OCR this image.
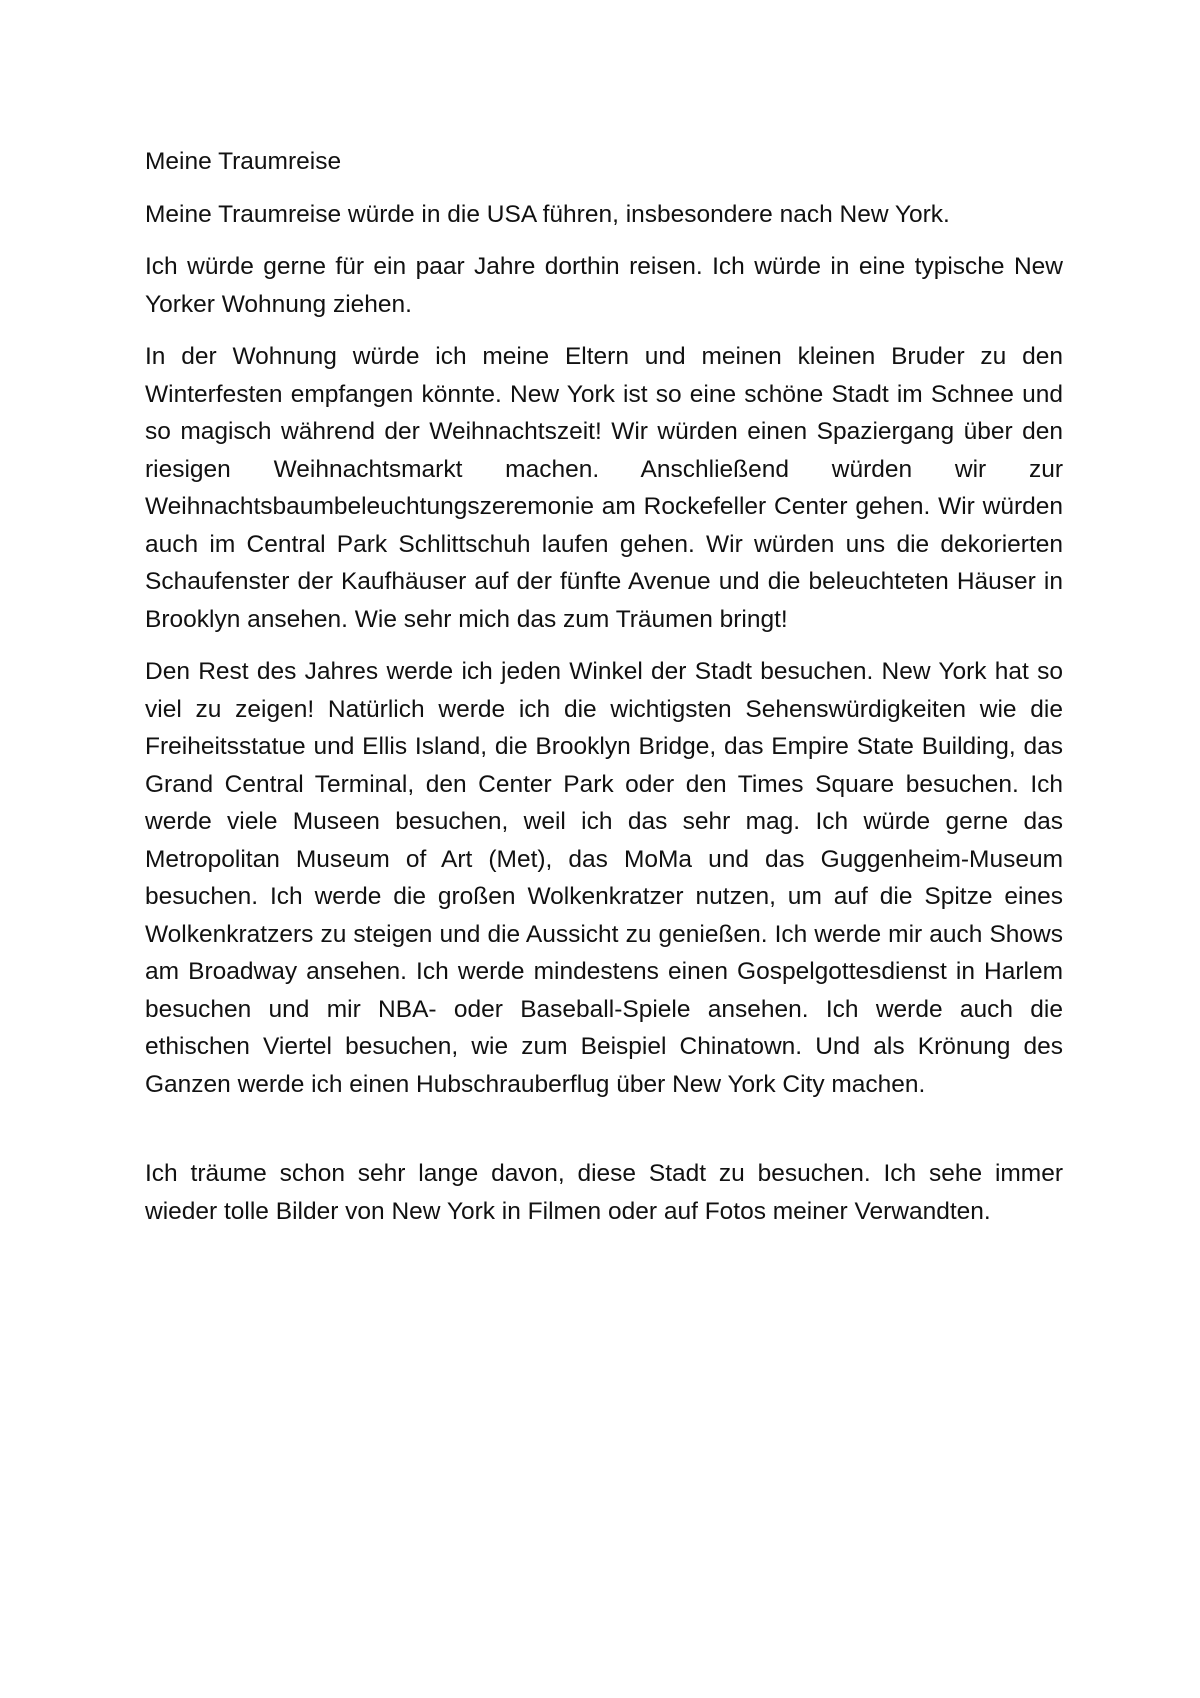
Meine Traumreise

Meine Traumreise würde in die USA führen, insbesondere nach New York.

Ich würde gerne für ein paar Jahre dorthin reisen. Ich würde in eine typische New Yorker Wohnung ziehen.

In der Wohnung würde ich meine Eltern und meinen kleinen Bruder zu den Winterfesten empfangen könnte. New York ist so eine schöne Stadt im Schnee und so magisch während der Weihnachtszeit! Wir würden einen Spaziergang über den riesigen Weihnachtsmarkt machen. Anschließend würden wir zur Weihnachtsbaumbeleuchtungszeremonie am Rockefeller Center gehen. Wir würden auch im Central Park Schlittschuh laufen gehen. Wir würden uns die dekorierten Schaufenster der Kaufhäuser auf der fünfte Avenue und die beleuchteten Häuser in Brooklyn ansehen. Wie sehr mich das zum Träumen bringt!

Den Rest des Jahres werde ich jeden Winkel der Stadt besuchen. New York hat so viel zu zeigen! Natürlich werde ich die wichtigsten Sehenswürdigkeiten wie die Freiheitsstatue und Ellis Island, die Brooklyn Bridge, das Empire State Building, das Grand Central Terminal, den Center Park oder den Times Square besuchen. Ich werde viele Museen besuchen, weil ich das sehr mag. Ich würde gerne das Metropolitan Museum of Art (Met), das MoMa und das Guggenheim-Museum besuchen. Ich werde die großen Wolkenkratzer nutzen, um auf die Spitze eines Wolkenkratzers zu steigen und die Aussicht zu genießen. Ich werde mir auch Shows am Broadway ansehen. Ich werde mindestens einen Gospelgottesdienst in Harlem besuchen und mir NBA- oder Baseball-Spiele ansehen. Ich werde auch die ethischen Viertel besuchen, wie zum Beispiel Chinatown. Und als Krönung des Ganzen werde ich einen Hubschrauberflug über New York City machen.

Ich träume schon sehr lange davon, diese Stadt zu besuchen. Ich sehe immer wieder tolle Bilder von New York in Filmen oder auf Fotos meiner Verwandten.
